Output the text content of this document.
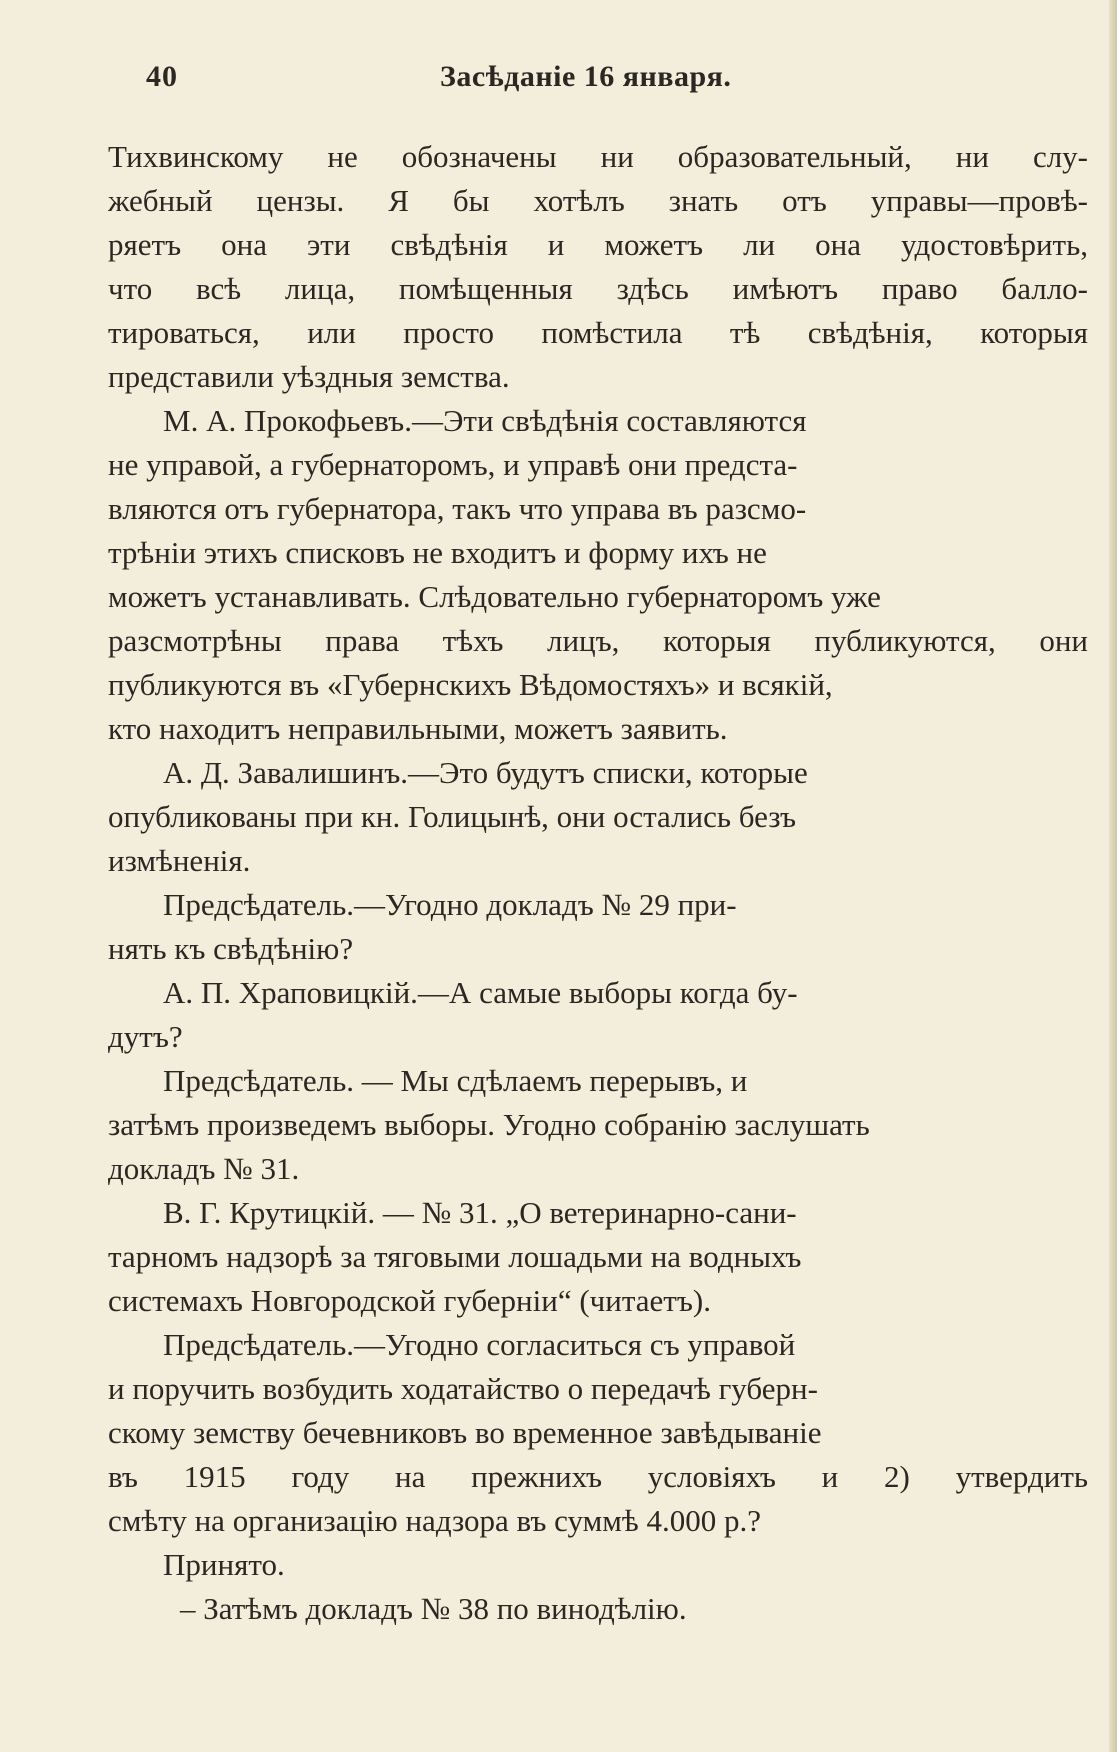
40	Засѣданіе 16 января.
Тихвинскому не обозначены ни образовательный, ни слу-
жебный цензы. Я бы хотѣлъ знать отъ управы—провѣ-
ряетъ она эти свѣдѣнія и можетъ ли она удостовѣрить,
что всѣ лица, помѣщенныя здѣсь имѣютъ право балло-
тироваться, или просто помѣстила тѣ свѣдѣнія, которыя
представили уѣздныя земства.
М. А. Прокофьевъ.—Эти свѣдѣнія составляются
не управой, а губернаторомъ, и управѣ они предста-
вляются отъ губернатора, такъ что управа въ разсмо-
трѣніи этихъ списковъ не входитъ и форму ихъ не
можетъ устанавливать. Слѣдовательно губернаторомъ уже
разсмотрѣны права тѣхъ лицъ, которыя публикуются, они
публикуются въ «Губернскихъ Вѣдомостяхъ» и всякій,
кто находитъ неправильными, можетъ заявить.
А. Д. Завалишинъ.—Это будутъ списки, которые
опубликованы при кн. Голицынѣ, они остались безъ
измѣненія.
Предсѣдатель.—Угодно докладъ № 29 при-
нять къ свѣдѣнію?
А. П. Храповицкій.—А самые выборы когда бу-
дутъ?
Предсѣдатель. — Мы сдѣлаемъ перерывъ, и
затѣмъ произведемъ выборы. Угодно собранію заслушать
докладъ № 31.
В. Г. Крутицкій. — № 31. „О ветеринарно-сани-
тарномъ надзорѣ за тяговыми лошадьми на водныхъ
системахъ Новгородской губерніи“ (читаетъ).
Предсѣдатель.—Угодно согласиться съ управой
и поручить возбудить ходатайство о передачѣ губерн-
скому земству бечевниковъ во временное завѣдываніе
въ 1915 году на прежнихъ условіяхъ и 2) утвердить
смѣту на организацію надзора въ суммѣ 4.000 р.?
Принято.
– Затѣмъ докладъ № 38 по винодѣлію.
